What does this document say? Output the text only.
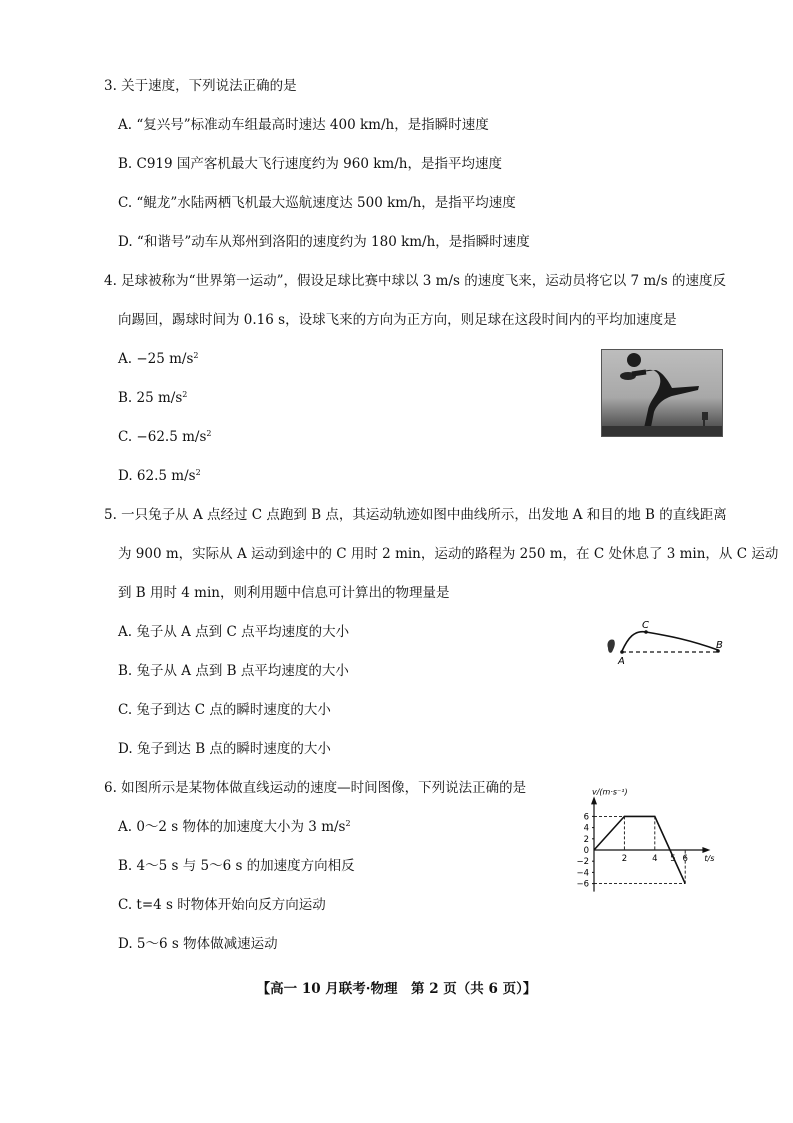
3. 关于速度，下列说法正确的是
A. “复兴号”标准动车组最高时速达 400 km/h，是指瞬时速度
B. C919 国产客机最大飞行速度约为 960 km/h，是指平均速度
C. “鲲龙”水陆两栖飞机最大巡航速度达 500 km/h，是指平均速度
D. “和谐号”动车从郑州到洛阳的速度约为 180 km/h，是指瞬时速度
4. 足球被称为“世界第一运动”，假设足球比赛中球以 3 m/s 的速度飞来，运动员将它以 7 m/s 的速度反
向踢回，踢球时间为 0.16 s，设球飞来的方向为正方向，则足球在这段时间内的平均加速度是
A. −25 $m/s^2$
B. 25 $m/s^2$
C. −62.5 $m/s^2$
D. 62.5 $m/s^2$
5. 一只兔子从 A 点经过 C 点跑到 B 点，其运动轨迹如图中曲线所示，出发地 A 和目的地 B 的直线距离
为 900 m，实际从 A 运动到途中的 C 用时 2 min，运动的路程为 250 m，在 C 处休息了 3 min，从 C 运动
到 B 用时 4 min，则利用题中信息可计算出的物理量是
A. 兔子从 A 点到 C 点平均速度的大小
B. 兔子从 A 点到 B 点平均速度的大小
C. 兔子到达 C 点的瞬时速度的大小
D. 兔子到达 B 点的瞬时速度的大小
C
A
B
6. 如图所示是某物体做直线运动的速度—时间图像，下列说法正确的是
A. 0～2 s 物体的加速度大小为 3 $m/s^2$
B. 4～5 s 与 5～6 s 的加速度方向相反
C. t=4 s 时物体开始向反方向运动
D. 5～6 s 物体做减速运动
v/(m·s⁻¹)
t/s
6
4
2
0
−2
−4
−6
2	4 5 6
【高一 10 月联考·物理　第 2 页（共 6 页）】
